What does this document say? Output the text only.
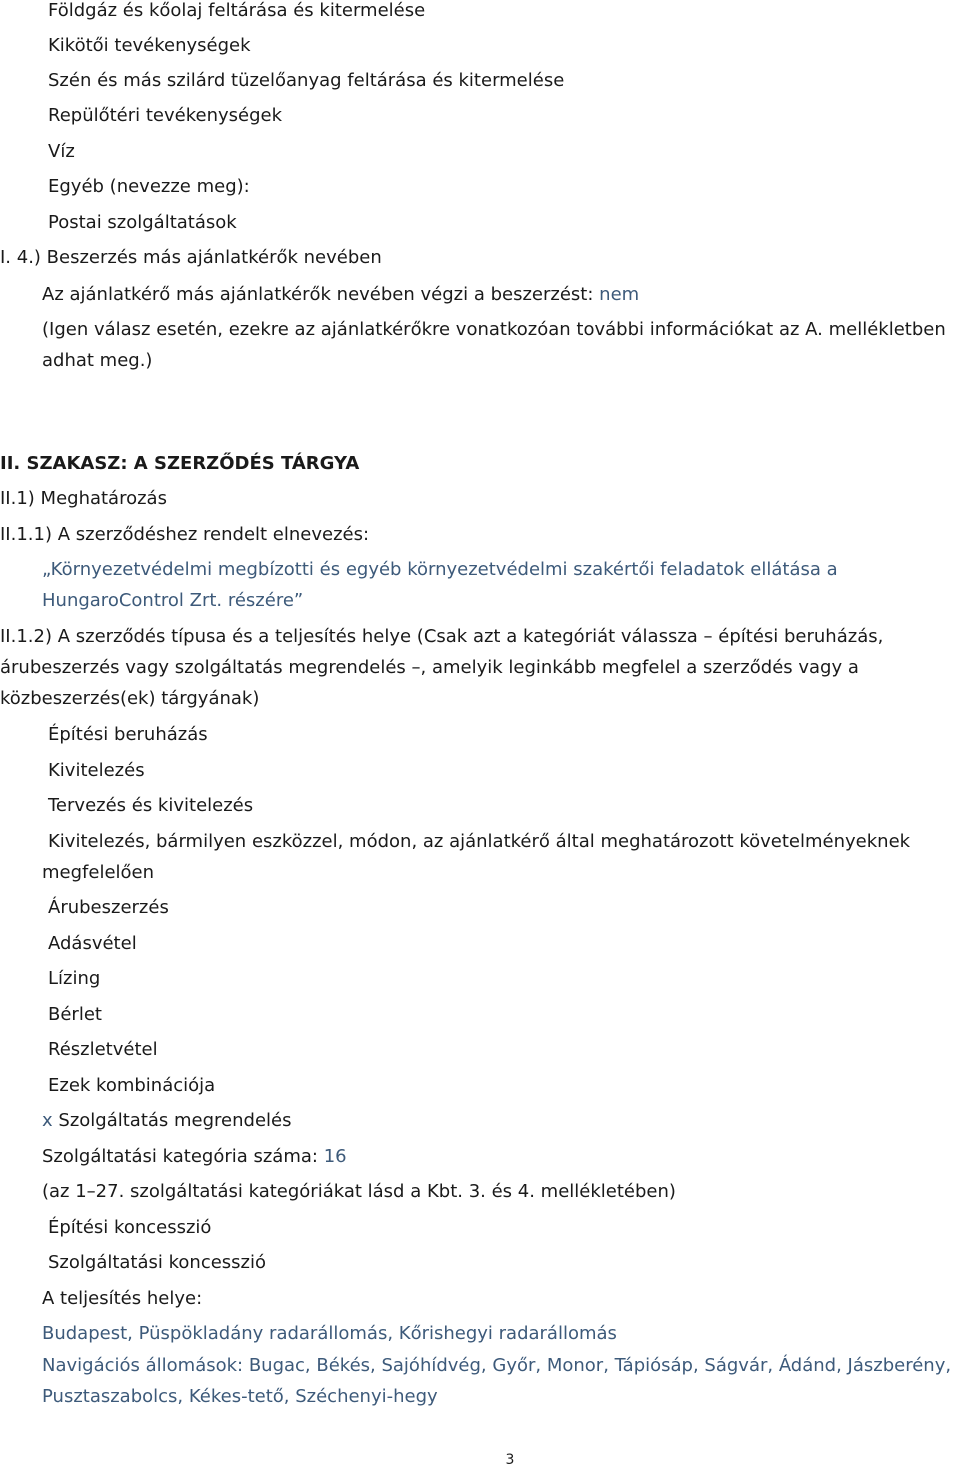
Földgáz és kőolaj feltárása és kitermelése
Kikötői tevékenységek
Szén és más szilárd tüzelőanyag feltárása és kitermelése
Repülőtéri tevékenységek
Víz
Egyéb (nevezze meg):
Postai szolgáltatások
I. 4.) Beszerzés más ajánlatkérők nevében
Az ajánlatkérő más ajánlatkérők nevében végzi a beszerzést: nem
(Igen válasz esetén, ezekre az ajánlatkérőkre vonatkozóan további információkat az A. mellékletben
adhat meg.)
II. SZAKASZ: A SZERZŐDÉS TÁRGYA
II.1) Meghatározás
II.1.1) A szerződéshez rendelt elnevezés:
„Környezetvédelmi megbízotti és egyéb környezetvédelmi szakértői feladatok ellátása a
HungaroControl Zrt. részére”
II.1.2) A szerződés típusa és a teljesítés helye (Csak azt a kategóriát válassza – építési beruházás,
árubeszerzés vagy szolgáltatás megrendelés –, amelyik leginkább megfelel a szerződés vagy a
közbeszerzés(ek) tárgyának)
Építési beruházás
Kivitelezés
Tervezés és kivitelezés
Kivitelezés, bármilyen eszközzel, módon, az ajánlatkérő által meghatározott követelményeknek
megfelelően
Árubeszerzés
Adásvétel
Lízing
Bérlet
Részletvétel
Ezek kombinációja
x Szolgáltatás megrendelés
Szolgáltatási kategória száma: 16
(az 1–27. szolgáltatási kategóriákat lásd a Kbt. 3. és 4. mellékletében)
Építési koncesszió
Szolgáltatási koncesszió
A teljesítés helye:
Budapest, Püspökladány radarállomás, Kőrishegyi radarállomás
Navigációs állomások: Bugac, Békés, Sajóhídvég, Győr, Monor, Tápiósáp, Ságvár, Ádánd, Jászberény,
Pusztaszabolcs, Kékes-tető, Széchenyi-hegy
3
